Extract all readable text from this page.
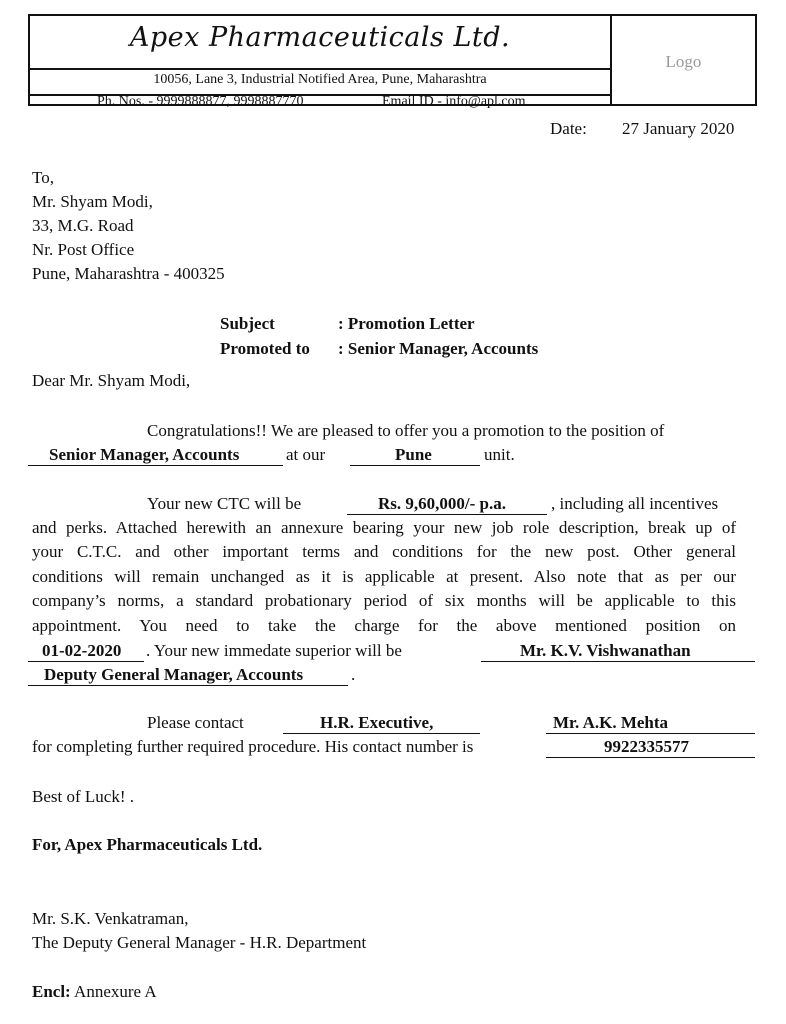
Apex Pharmaceuticals Ltd.
10056, Lane 3, Industrial Notified Area, Pune, Maharashtra
Ph. Nos. - 9999888877, 9998887770	Email ID - info@apl.com
Logo
Date: 27 January 2020
To,
Mr. Shyam Modi,
33, M.G. Road
Nr. Post Office
Pune, Maharashtra - 400325
Subject	: Promotion Letter
Promoted to : Senior Manager, Accounts
Dear Mr. Shyam Modi,
Congratulations!! We are pleased to offer you a promotion to the position of
Senior Manager, Accounts	at our	Pune	unit.
Your new CTC will be	Rs. 9,60,000/- p.a.	, including all incentives
and perks. Attached herewith an annexure bearing your new job role description, break up of
your C.T.C. and other important terms and conditions for the new post. Other general
conditions will remain unchanged as it is applicable at present. Also note that as per our
company’s norms, a standard probationary period of six months will be applicable to this
appointment. You need to take the charge for the above mentioned position on
01-02-2020 . Your new immedate superior will be	Mr. K.V. Vishwanathan
Deputy General Manager, Accounts	.
Please contact	H.R. Executive,	Mr. A.K. Mehta
for completing further required procedure. His contact number is	9922335577
Best of Luck! .
For, Apex Pharmaceuticals Ltd.
Mr. S.K. Venkatraman,
The Deputy General Manager - H.R. Department
Encl: Annexure A
